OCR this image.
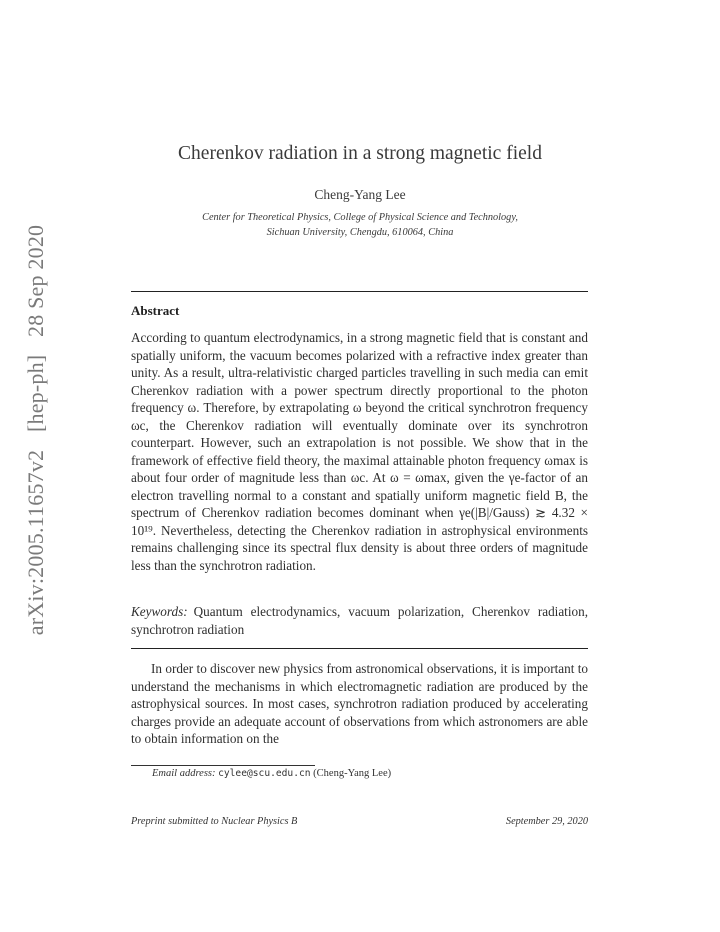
arXiv:2005.11657v2 [hep-ph] 28 Sep 2020
Cherenkov radiation in a strong magnetic field
Cheng-Yang Lee
Center for Theoretical Physics, College of Physical Science and Technology,
Sichuan University, Chengdu, 610064, China
Abstract
According to quantum electrodynamics, in a strong magnetic field that is constant and spatially uniform, the vacuum becomes polarized with a refractive index greater than unity. As a result, ultra-relativistic charged particles travelling in such media can emit Cherenkov radiation with a power spectrum directly proportional to the photon frequency ω. Therefore, by extrapolating ω beyond the critical synchrotron frequency ωc, the Cherenkov radiation will eventually dominate over its synchrotron counterpart. However, such an extrapolation is not possible. We show that in the framework of effective field theory, the maximal attainable photon frequency ωmax is about four order of magnitude less than ωc. At ω = ωmax, given the γe-factor of an electron travelling normal to a constant and spatially uniform magnetic field B, the spectrum of Cherenkov radiation becomes dominant when γe(|B|/Gauss) ≳ 4.32 × 10¹⁹. Nevertheless, detecting the Cherenkov radiation in astrophysical environments remains challenging since its spectral flux density is about three orders of magnitude less than the synchrotron radiation.
Keywords: Quantum electrodynamics, vacuum polarization, Cherenkov radiation, synchrotron radiation
In order to discover new physics from astronomical observations, it is important to understand the mechanisms in which electromagnetic radiation are produced by the astrophysical sources. In most cases, synchrotron radiation produced by accelerating charges provide an adequate account of observations from which astronomers are able to obtain information on the
Email address: cylee@scu.edu.cn (Cheng-Yang Lee)
Preprint submitted to Nuclear Physics B	September 29, 2020
